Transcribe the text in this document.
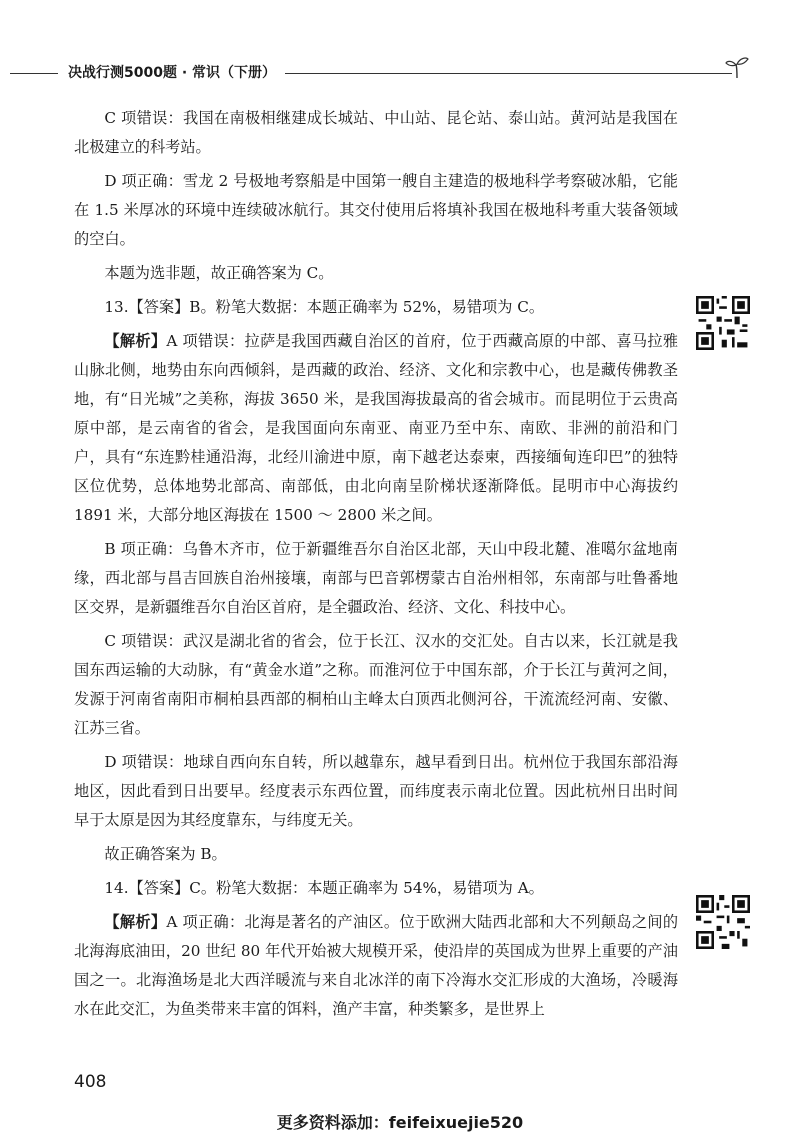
决战行测5000题 · 常识（下册）

C 项错误：我国在南极相继建成长城站、中山站、昆仑站、泰山站。黄河站是我国在北极建立的科考站。

D 项正确：雪龙 2 号极地考察船是中国第一艘自主建造的极地科学考察破冰船，它能在 1.5 米厚冰的环境中连续破冰航行。其交付使用后将填补我国在极地科考重大装备领域的空白。

本题为选非题，故正确答案为 C。

13.【答案】B。粉笔大数据：本题正确率为 52%，易错项为 C。

【解析】A 项错误：拉萨是我国西藏自治区的首府，位于西藏高原的中部、喜马拉雅山脉北侧，地势由东向西倾斜，是西藏的政治、经济、文化和宗教中心，也是藏传佛教圣地，有“日光城”之美称，海拔 3650 米，是我国海拔最高的省会城市。而昆明位于云贵高原中部，是云南省的省会，是我国面向东南亚、南亚乃至中东、南欧、非洲的前沿和门户，具有“东连黔桂通沿海，北经川渝进中原，南下越老达泰柬，西接缅甸连印巴”的独特区位优势，总体地势北部高、南部低，由北向南呈阶梯状逐渐降低。昆明市中心海拔约 1891 米，大部分地区海拔在 1500 ～ 2800 米之间。

B 项正确：乌鲁木齐市，位于新疆维吾尔自治区北部，天山中段北麓、准噶尔盆地南缘，西北部与昌吉回族自治州接壤，南部与巴音郭楞蒙古自治州相邻，东南部与吐鲁番地区交界，是新疆维吾尔自治区首府，是全疆政治、经济、文化、科技中心。

C 项错误：武汉是湖北省的省会，位于长江、汉水的交汇处。自古以来，长江就是我国东西运输的大动脉，有“黄金水道”之称。而淮河位于中国东部，介于长江与黄河之间，发源于河南省南阳市桐柏县西部的桐柏山主峰太白顶西北侧河谷，干流流经河南、安徽、江苏三省。

D 项错误：地球自西向东自转，所以越靠东，越早看到日出。杭州位于我国东部沿海地区，因此看到日出要早。经度表示东西位置，而纬度表示南北位置。因此杭州日出时间早于太原是因为其经度靠东，与纬度无关。

故正确答案为 B。

14.【答案】C。粉笔大数据：本题正确率为 54%，易错项为 A。

【解析】A 项正确：北海是著名的产油区。位于欧洲大陆西北部和大不列颠岛之间的北海海底油田，20 世纪 80 年代开始被大规模开采，使沿岸的英国成为世界上重要的产油国之一。北海渔场是北大西洋暖流与来自北冰洋的南下冷海水交汇形成的大渔场，冷暖海水在此交汇，为鱼类带来丰富的饵料，渔产丰富，种类繁多，是世界上

408
更多资料添加：feifeixuejie520
